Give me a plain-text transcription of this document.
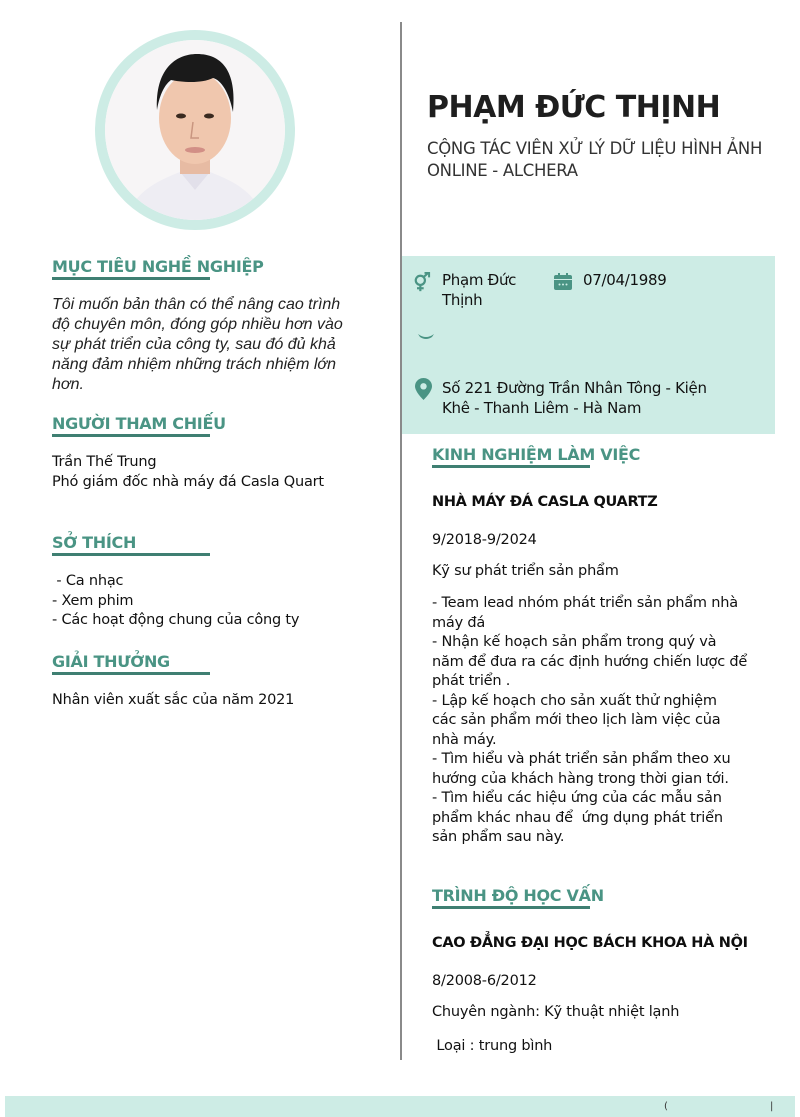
PHẠM ĐỨC THỊNH
CỘNG TÁC VIÊN XỬ LÝ DỮ LIỆU HÌNH ẢNH
ONLINE - ALCHERA
Phạm Đức
Thịnh
07/04/1989
Số 221 Đường Trần Nhân Tông - Kiện
Khê - Thanh Liêm - Hà Nam
MỤC TIÊU NGHỀ NGHIỆP
Tôi muốn bản thân có thể nâng cao trình
độ chuyên môn, đóng góp nhiều hơn vào
sự phát triển của công ty, sau đó đủ khả
năng đảm nhiệm những trách nhiệm lớn
hơn.
NGƯỜI THAM CHIẾU
Trần Thế Trung
Phó giám đốc nhà máy đá Casla Quart
SỞ THÍCH
- Ca nhạc
- Xem phim
- Các hoạt động chung của công ty
GIẢI THƯỞNG
Nhân viên xuất sắc của năm 2021
KINH NGHIỆM LÀM VIỆC
NHÀ MÁY ĐÁ CASLA QUARTZ
9/2018-9/2024
Kỹ sư phát triển sản phẩm
- Team lead nhóm phát triển sản phẩm nhà
máy đá
- Nhận kế hoạch sản phẩm trong quý và
năm để đưa ra các định hướng chiến lược để
phát triển .
- Lập kế hoạch cho sản xuất thử nghiệm
các sản phẩm mới theo lịch làm việc của
nhà máy.
- Tìm hiểu và phát triển sản phẩm theo xu
hướng của khách hàng trong thời gian tới.
- Tìm hiểu các hiệu ứng của các mẫu sản
phẩm khác nhau để  ứng dụng phát triển
sản phẩm sau này.
TRÌNH ĐỘ HỌC VẤN
CAO ĐẲNG ĐẠI HỌC BÁCH KHOA HÀ NỘI
8/2008-6/2012
Chuyên ngành: Kỹ thuật nhiệt lạnh
Loại : trung bình
(	|
